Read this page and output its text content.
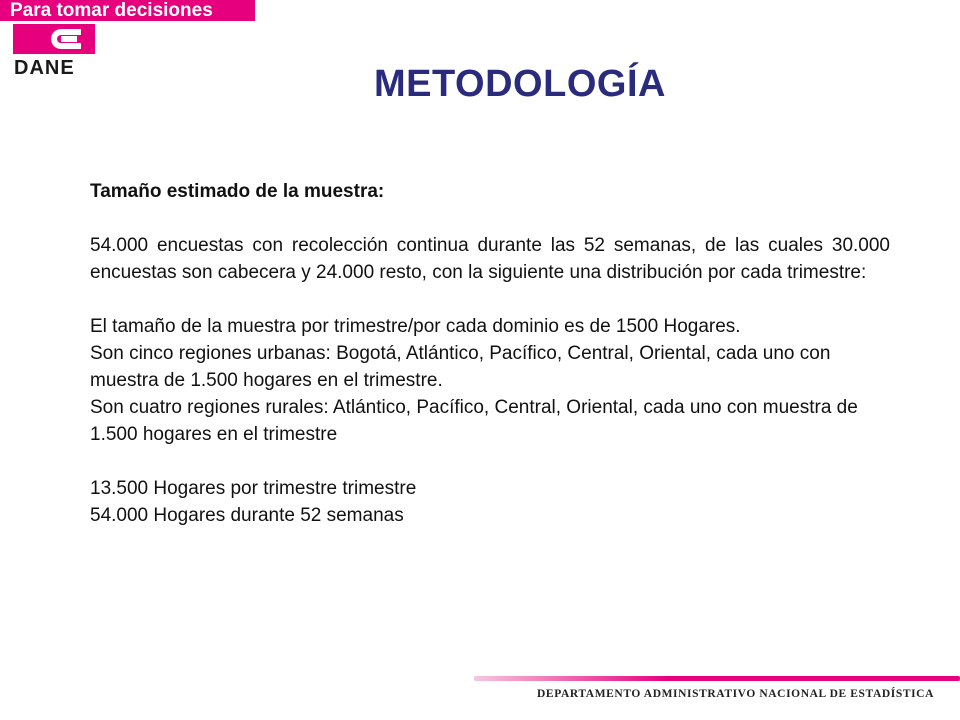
Para tomar decisiones
DANE	METODOLOGÍA

Tamaño estimado de la muestra:

54.000 encuestas con recolección continua durante las 52 semanas, de las cuales 30.000 encuestas son cabecera y 24.000 resto, con la siguiente una distribución por cada trimestre:

El tamaño de la muestra por trimestre/por cada dominio es de 1500 Hogares.

Son cinco regiones urbanas: Bogotá, Atlántico, Pacífico, Central, Oriental, cada uno con muestra de 1.500 hogares en el trimestre.

Son cuatro regiones rurales: Atlántico, Pacífico, Central, Oriental, cada uno con muestra de 1.500 hogares en el trimestre

13.500 Hogares por trimestre trimestre

54.000 Hogares durante 52 semanas

DEPARTAMENTO ADMINISTRATIVO NACIONAL DE ESTADÍSTICA
